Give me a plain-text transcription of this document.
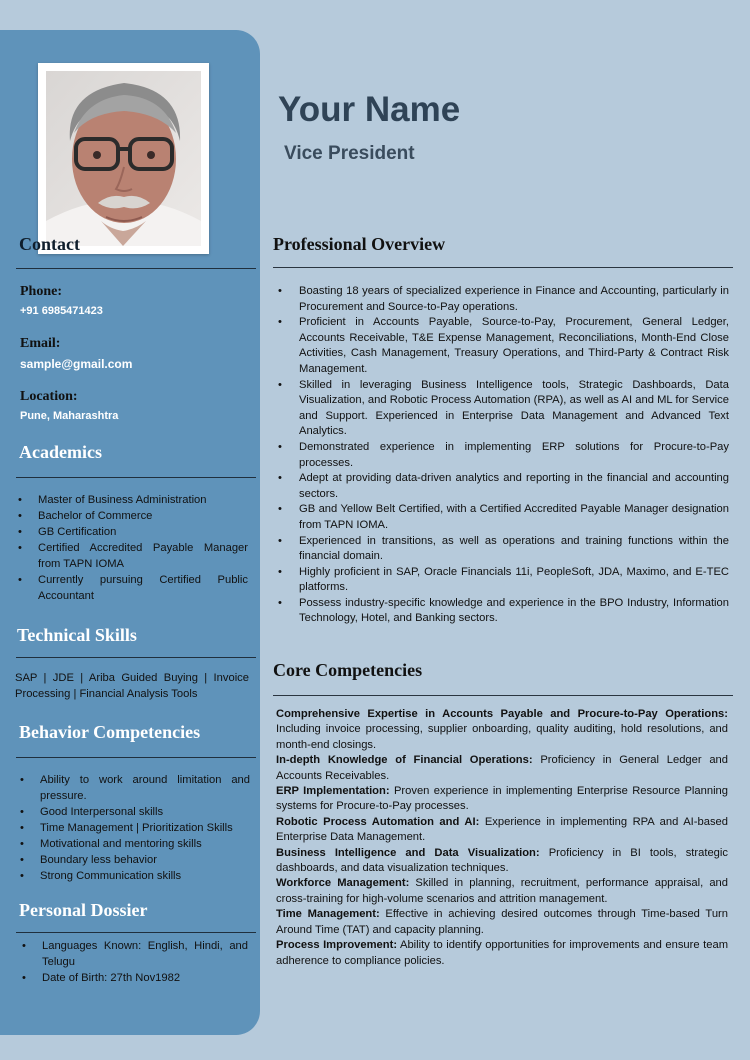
Contact
Phone:
+91 6985471423
Email:
sample@gmail.com
Location:
Pune, Maharashtra
Academics
• Master of Business Administration
• Bachelor of Commerce
• GB Certification
• Certified Accredited Payable Manager from TAPN IOMA
• Currently pursuing Certified Public Accountant
Technical Skills
SAP | JDE | Ariba Guided Buying | Invoice Processing | Financial Analysis Tools
Behavior Competencies
• Ability to work around limitation and pressure.
• Good Interpersonal skills
• Time Management | Prioritization Skills
• Motivational and mentoring skills
• Boundary less behavior
• Strong Communication skills
Personal Dossier
• Languages Known: English, Hindi, and Telugu
• Date of Birth: 27th Nov1982
Your Name
Vice President
Professional Overview
• Boasting 18 years of specialized experience in Finance and Accounting, particularly in Procurement and Source-to-Pay operations.
• Proficient in Accounts Payable, Source-to-Pay, Procurement, General Ledger, Accounts Receivable, T&E Expense Management, Reconciliations, Month-End Close Activities, Cash Management, Treasury Operations, and Third-Party & Contract Risk Management.
• Skilled in leveraging Business Intelligence tools, Strategic Dashboards, Data Visualization, and Robotic Process Automation (RPA), as well as AI and ML for Service and Support. Experienced in Enterprise Data Management and Advanced Text Analytics.
• Demonstrated experience in implementing ERP solutions for Procure-to-Pay processes.
• Adept at providing data-driven analytics and reporting in the financial and accounting sectors.
• GB and Yellow Belt Certified, with a Certified Accredited Payable Manager designation from TAPN IOMA.
• Experienced in transitions, as well as operations and training functions within the financial domain.
• Highly proficient in SAP, Oracle Financials 11i, PeopleSoft, JDA, Maximo, and E-TEC platforms.
• Possess industry-specific knowledge and experience in the BPO Industry, Information Technology, Hotel, and Banking sectors.
Core Competencies

Comprehensive Expertise in Accounts Payable and Procure-to-Pay Operations: Including invoice processing, supplier onboarding, quality auditing, hold resolutions, and month-end closings.

In-depth Knowledge of Financial Operations: Proficiency in General Ledger and Accounts Receivables.

ERP Implementation: Proven experience in implementing Enterprise Resource Planning systems for Procure-to-Pay processes.

Robotic Process Automation and AI: Experience in implementing RPA and AI-based Enterprise Data Management.

Business Intelligence and Data Visualization: Proficiency in BI tools, strategic dashboards, and data visualization techniques.

Workforce Management: Skilled in planning, recruitment, performance appraisal, and cross-training for high-volume scenarios and attrition management.

Time Management: Effective in achieving desired outcomes through Time-based Turn Around Time (TAT) and capacity planning.

Process Improvement: Ability to identify opportunities for improvements and ensure team adherence to compliance policies.
